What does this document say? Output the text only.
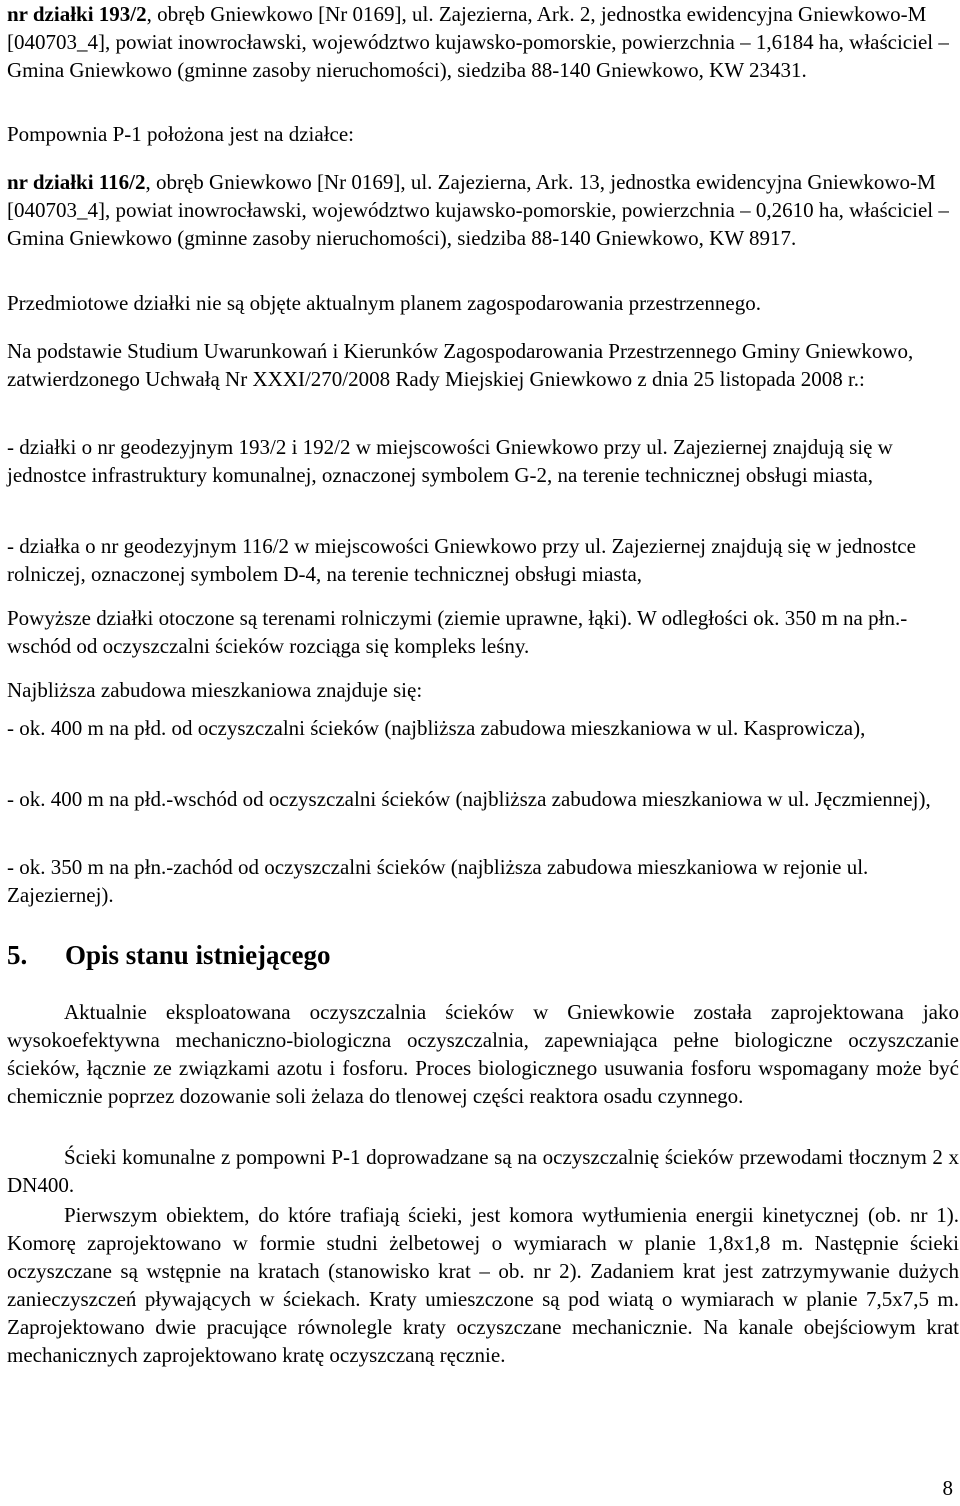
nr działki 193/2, obręb Gniewkowo [Nr 0169], ul. Zajezierna, Ark. 2, jednostka ewidencyjna Gniewkowo-M [040703_4], powiat inowrocławski, województwo kujawsko-pomorskie, powierzchnia – 1,6184 ha, właściciel – Gmina Gniewkowo (gminne zasoby nieruchomości), siedziba 88-140 Gniewkowo, KW 23431.

Pompownia P-1 położona jest na działce:

nr działki 116/2, obręb Gniewkowo [Nr 0169], ul. Zajezierna, Ark. 13, jednostka ewidencyjna Gniewkowo-M [040703_4], powiat inowrocławski, województwo kujawsko-pomorskie, powierzchnia – 0,2610 ha, właściciel – Gmina Gniewkowo (gminne zasoby nieruchomości), siedziba 88-140 Gniewkowo, KW 8917.

Przedmiotowe działki nie są objęte aktualnym planem zagospodarowania przestrzennego.

Na podstawie Studium Uwarunkowań i Kierunków Zagospodarowania Przestrzennego Gminy Gniewkowo, zatwierdzonego Uchwałą Nr XXXI/270/2008 Rady Miejskiej Gniewkowo z dnia 25 listopada 2008 r.:

- działki o nr geodezyjnym 193/2 i 192/2 w miejscowości Gniewkowo przy ul. Zajeziernej znajdują się w jednostce infrastruktury komunalnej, oznaczonej symbolem G-2, na terenie technicznej obsługi miasta,

- działka o nr geodezyjnym 116/2 w miejscowości Gniewkowo przy ul. Zajeziernej znajdują się w jednostce rolniczej, oznaczonej symbolem D-4, na terenie technicznej obsługi miasta,

Powyższe działki otoczone są terenami rolniczymi (ziemie uprawne, łąki). W odległości ok. 350 m na płn.-wschód od oczyszczalni ścieków rozciąga się kompleks leśny.

Najbliższa zabudowa mieszkaniowa znajduje się:

- ok. 400 m na płd. od oczyszczalni ścieków (najbliższa zabudowa mieszkaniowa w ul. Kasprowicza),

- ok. 400 m na płd.-wschód od oczyszczalni ścieków (najbliższa zabudowa mieszkaniowa w ul. Jęczmiennej),

- ok. 350 m na płn.-zachód od oczyszczalni ścieków (najbliższa zabudowa mieszkaniowa w rejonie ul. Zajeziernej).

5. Opis stanu istniejącego

Aktualnie eksploatowana oczyszczalnia ścieków w Gniewkowie została zaprojektowana jako wysokoefektywna mechaniczno-biologiczna oczyszczalnia, zapewniająca pełne biologiczne oczyszczanie ścieków, łącznie ze związkami azotu i fosforu. Proces biologicznego usuwania fosforu wspomagany może być chemicznie poprzez dozowanie soli żelaza do tlenowej części reaktora osadu czynnego.

Ścieki komunalne z pompowni P-1 doprowadzane są na oczyszczalnię ścieków przewodami tłocznym 2 x DN400.

Pierwszym obiektem, do które trafiają ścieki, jest komora wytłumienia energii kinetycznej (ob. nr 1). Komorę zaprojektowano w formie studni żelbetowej o wymiarach w planie 1,8x1,8 m. Następnie ścieki oczyszczane są wstępnie na kratach (stanowisko krat – ob. nr 2). Zadaniem krat jest zatrzymywanie dużych zanieczyszczeń pływających w ściekach. Kraty umieszczone są pod wiatą o wymiarach w planie 7,5x7,5 m. Zaprojektowano dwie pracujące równolegle kraty oczyszczane mechanicznie. Na kanale obejściowym krat mechanicznych zaprojektowano kratę oczyszczaną ręcznie.

8
